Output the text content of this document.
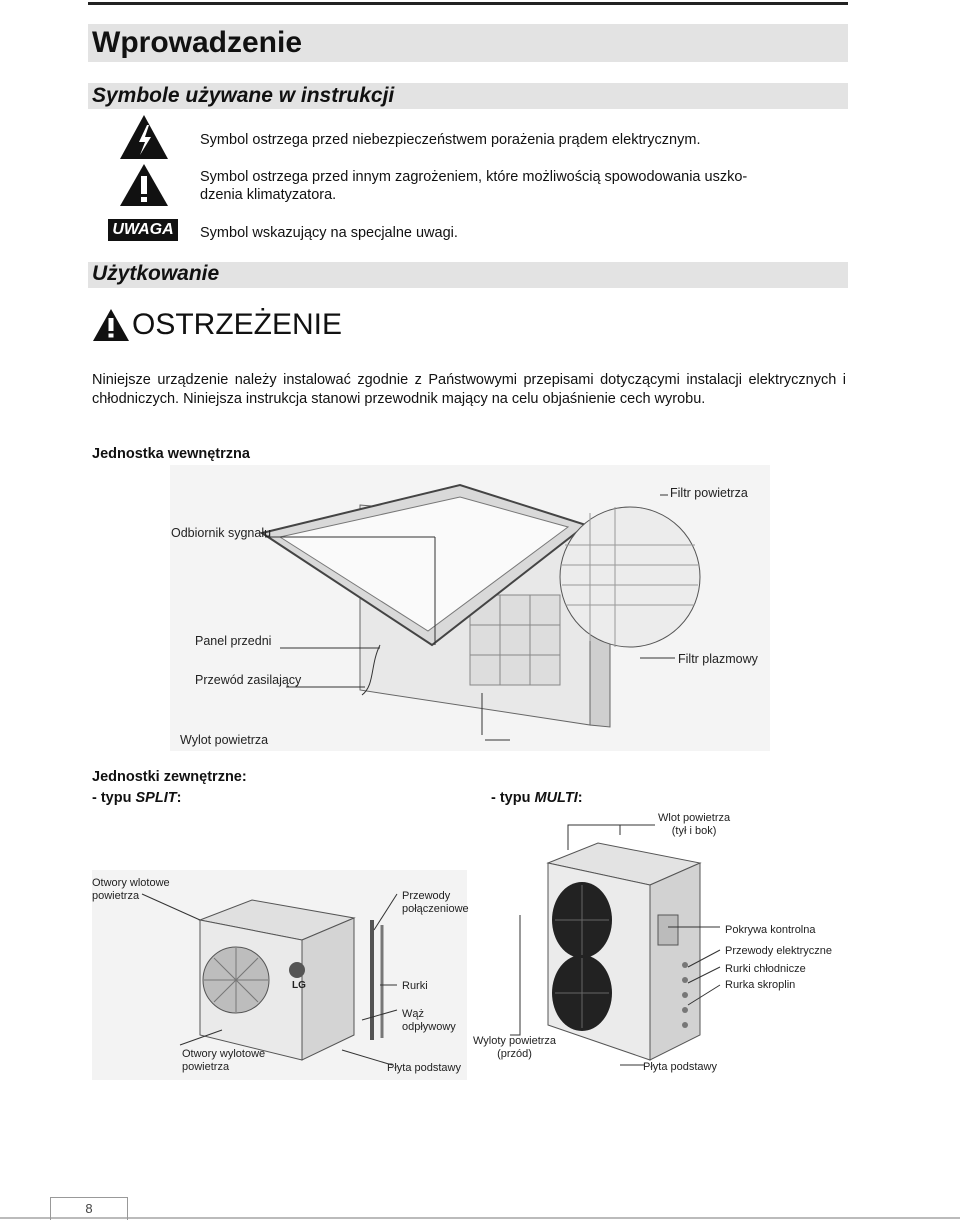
Wprowadzenie
Symbole używane w instrukcji
UWAGA
Symbol ostrzega przed niebezpieczeństwem porażenia prądem elektrycznym.
Symbol ostrzega przed innym zagrożeniem, które możliwością spowodowania uszko-
dzenia klimatyzatora.
Symbol wskazujący na specjalne uwagi.
Użytkowanie
OSTRZEŻENIE
Niniejsze urządzenie należy instalować zgodnie z Państwowymi przepisami dotyczącymi instalacji elektrycznych i chłodniczych. Niniejsza instrukcja stanowi przewodnik mający na celu objaśnienie cech wyrobu.
Jednostka wewnętrzna
Filtr powietrza
Odbiornik sygnału
Panel przedni
Przewód zasilający
Wylot powietrza
Filtr plazmowy
Jednostki zewnętrzne:
- typu SPLIT:	- typu MULTI:
Otwory wlotowe
powietrza	Przewody
połączeniowe
Rurki
Wąż
odpływowy
Otwory wylotowe
powietrza	Płyta podstawy
LG
Wlot powietrza
(tył i bok)
Pokrywa kontrolna
Przewody elektryczne
Rurki chłodnicze
Rurka skroplin
Wyloty powietrza
(przód)
Płyta podstawy
8
